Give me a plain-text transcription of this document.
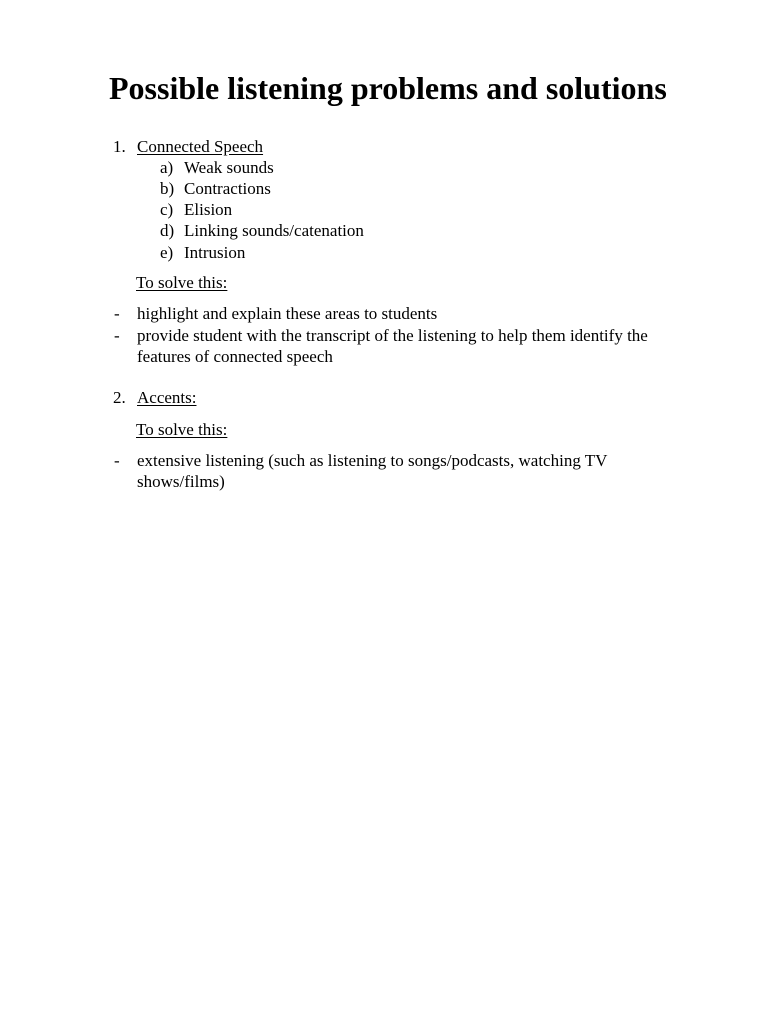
Possible listening problems and solutions
1. Connected Speech
a) Weak sounds
b) Contractions
c) Elision
d) Linking sounds/catenation
e) Intrusion
To solve this:
- highlight and explain these areas to students
- provide student with the transcript of the listening to help them identify the
features of connected speech
2. Accents:
To solve this:
- extensive listening (such as listening to songs/podcasts, watching TV
shows/films)
